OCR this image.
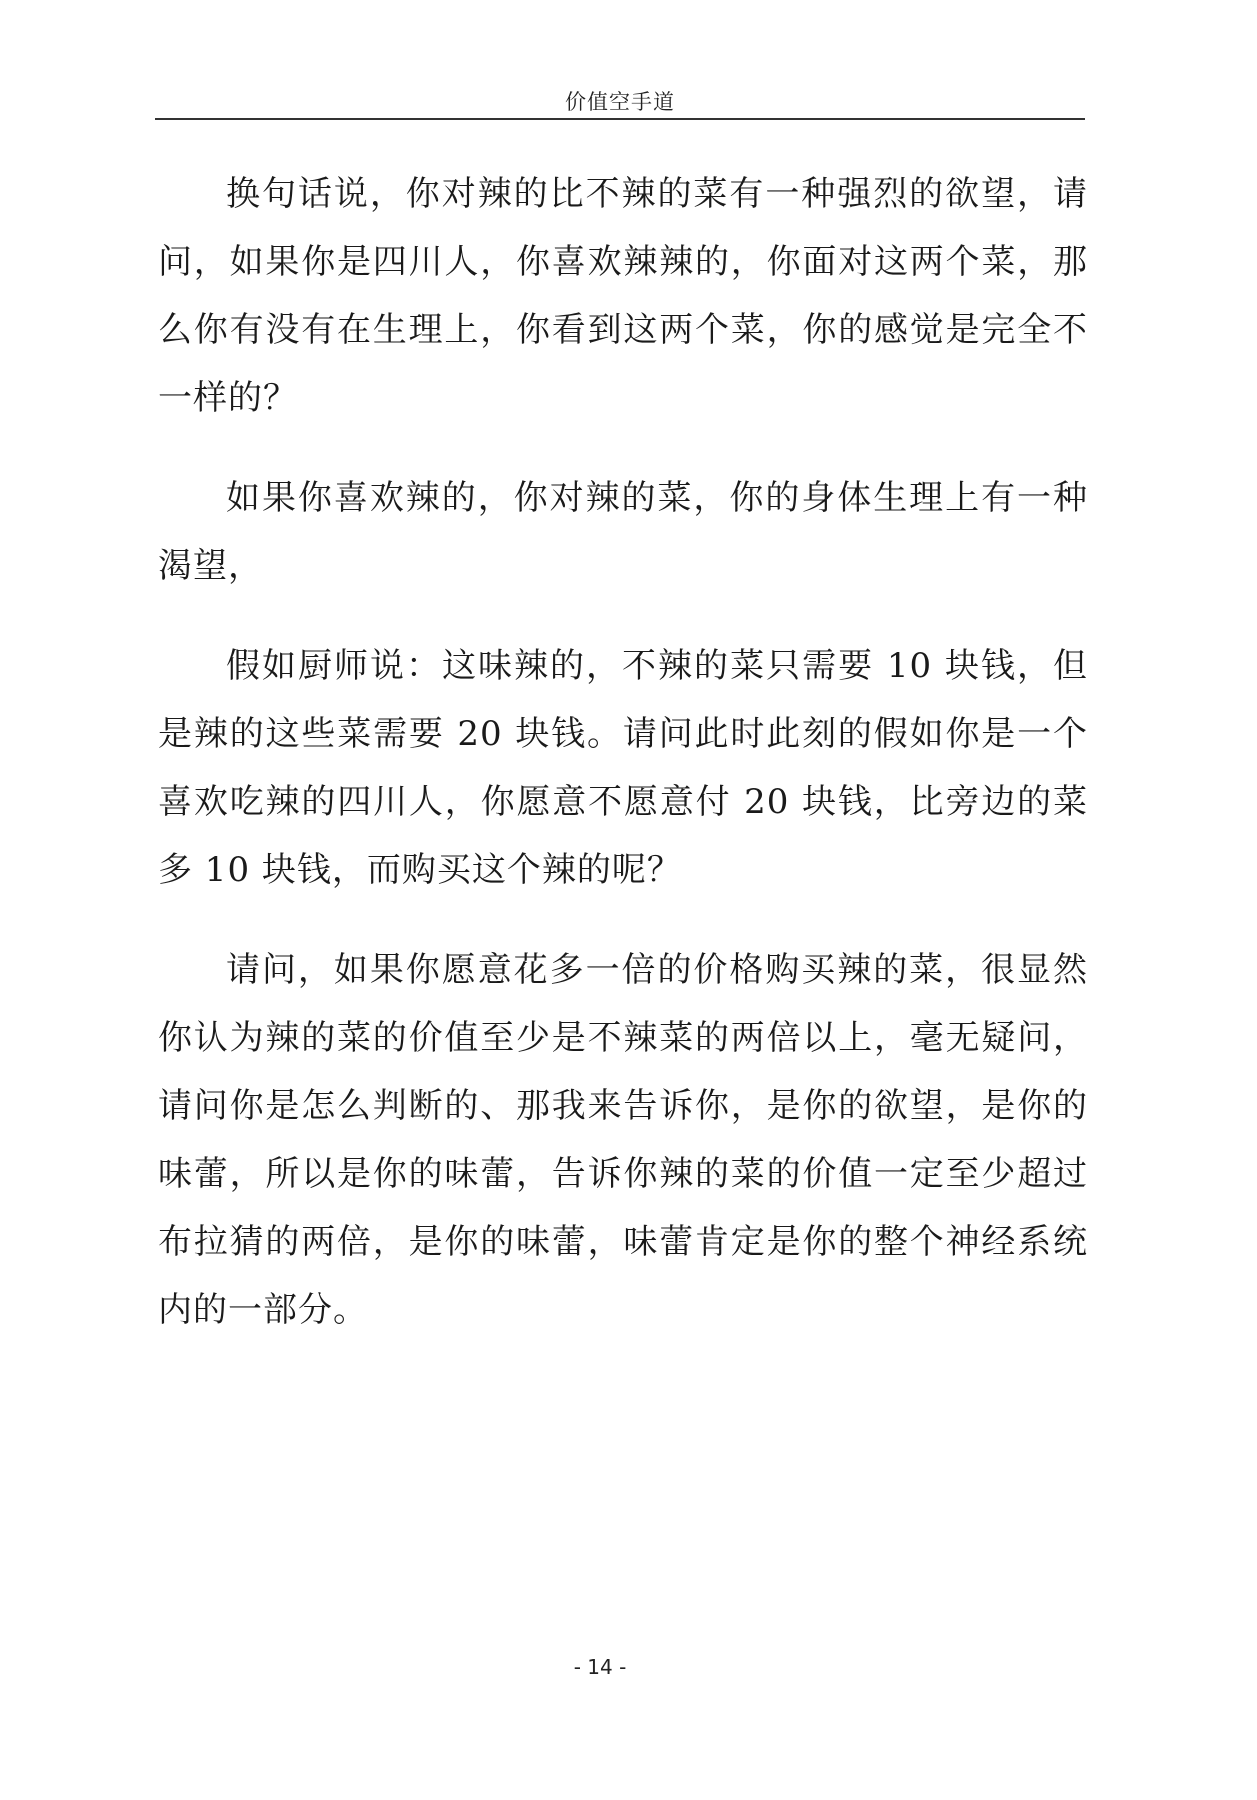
价值空手道

换句话说，你对辣的比不辣的菜有一种强烈的欲望，请问，如果你是四川人，你喜欢辣辣的，你面对这两个菜，那么你有没有在生理上，你看到这两个菜，你的感觉是完全不一样的？

如果你喜欢辣的，你对辣的菜，你的身体生理上有一种渴望，

假如厨师说：这味辣的，不辣的菜只需要 10 块钱，但是辣的这些菜需要 20 块钱。请问此时此刻的假如你是一个喜欢吃辣的四川人，你愿意不愿意付 20 块钱，比旁边的菜多 10 块钱，而购买这个辣的呢？

请问，如果你愿意花多一倍的价格购买辣的菜，很显然你认为辣的菜的价值至少是不辣菜的两倍以上，毫无疑问，请问你是怎么判断的、那我来告诉你，是你的欲望，是你的味蕾，所以是你的味蕾，告诉你辣的菜的价值一定至少超过布拉猜的两倍，是你的味蕾，味蕾肯定是你的整个神经系统内的一部分。

- 14 -
